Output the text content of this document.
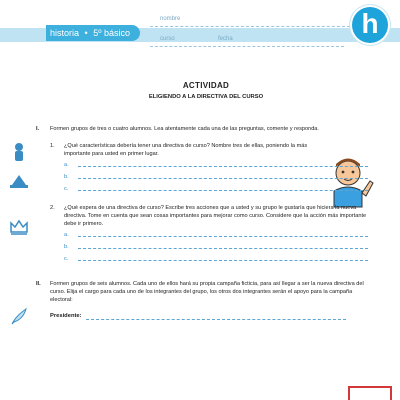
historia • 5º básico
nombre
curso	fecha	h
ACTIVIDAD
ELIGIENDO A LA DIRECTIVA DEL CURSO
I. Formen grupos de tres o cuatro alumnos. Lea atentamente cada una de las preguntas, comente y responda.
1. ¿Qué características debería tener una directiva de curso? Nombre tres de ellas, poniendo la más importante para usted en primer lugar.
a.
b.
c.
2. ¿Qué espera de una directiva de curso? Escribe tres acciones que a usted y su grupo le gustaría que hiciera la nueva directiva. Tome en cuenta que sean cosas importantes para mejorar como curso. Considere que la acción más importante debe ir primero.
a.
b.
c.
II. Formen grupos de seis alumnos. Cada uno de ellos hará su propia campaña ficticia, para así llegar a ser la nueva directiva del curso. Elija el cargo para cada uno de los integrantes del grupo, los otros dos integrantes serán el apoyo para la campaña electoral:
Presidente:
